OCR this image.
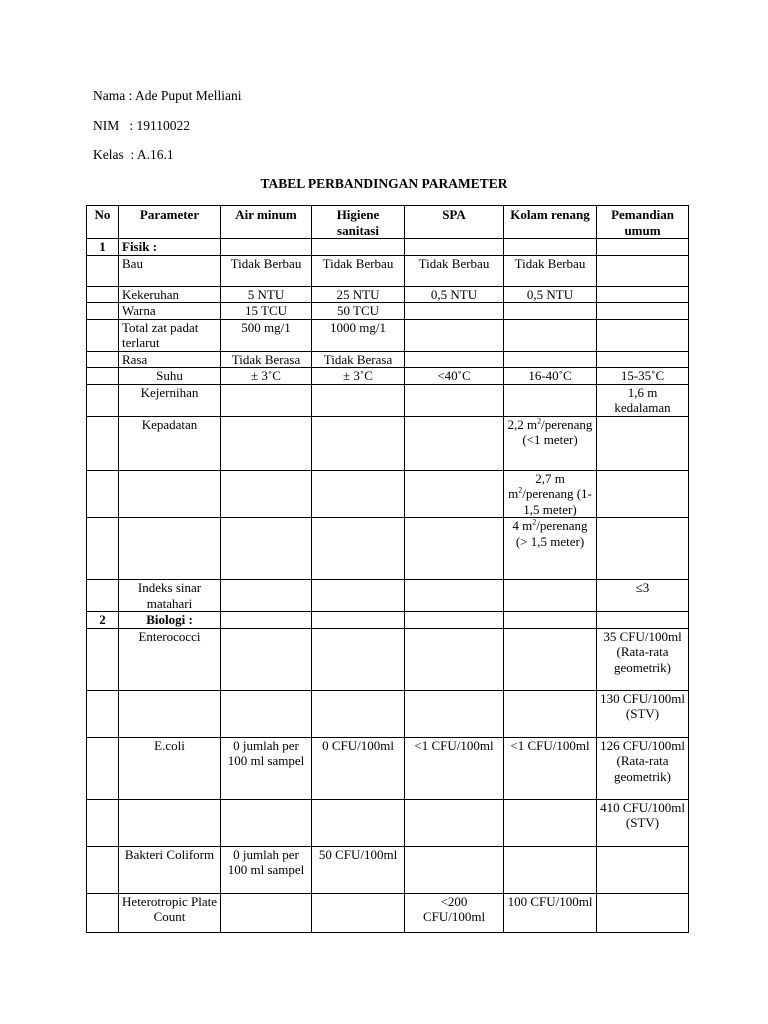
Nama : Ade Puput Melliani
NIM   : 19110022
Kelas  : A.16.1
TABEL PERBANDINGAN PARAMETER
No	Parameter	Air minum	Higiene sanitasi	SPA	Kolam renang	Pemandian umum
1	Fisik :					
	Bau	Tidak Berbau	Tidak Berbau	Tidak Berbau	Tidak Berbau	
	Kekeruhan	5 NTU	25 NTU	0,5 NTU	0,5 NTU	
	Warna	15 TCU	50 TCU			
	Total zat padat terlarut	500 mg/1	1000 mg/1			
	Rasa	Tidak Berasa	Tidak Berasa			
	Suhu	± 3˚C	± 3˚C	<40˚C	16-40˚C	15-35˚C
	Kejernihan					1,6 m kedalaman
	Kepadatan				2,2 $m^2$/perenang (<1 meter)	
					2,7 m $m^2$/perenang (1-1,5 meter)	
					4 $m^2$/perenang (> 1,5 meter)	
	Indeks sinar matahari					≤3
2	Biologi :					
	Enterococci					35 CFU/100ml (Rata-rata geometrik)
						130 CFU/100ml (STV)
	E.coli	0 jumlah per 100 ml sampel	0 CFU/100ml	<1 CFU/100ml	<1 CFU/100ml	126 CFU/100ml (Rata-rata geometrik)
						410 CFU/100ml (STV)
	Bakteri Coliform	0 jumlah per 100 ml sampel	50 CFU/100ml			
	Heterotropic Plate Count			<200 CFU/100ml	100 CFU/100ml	
